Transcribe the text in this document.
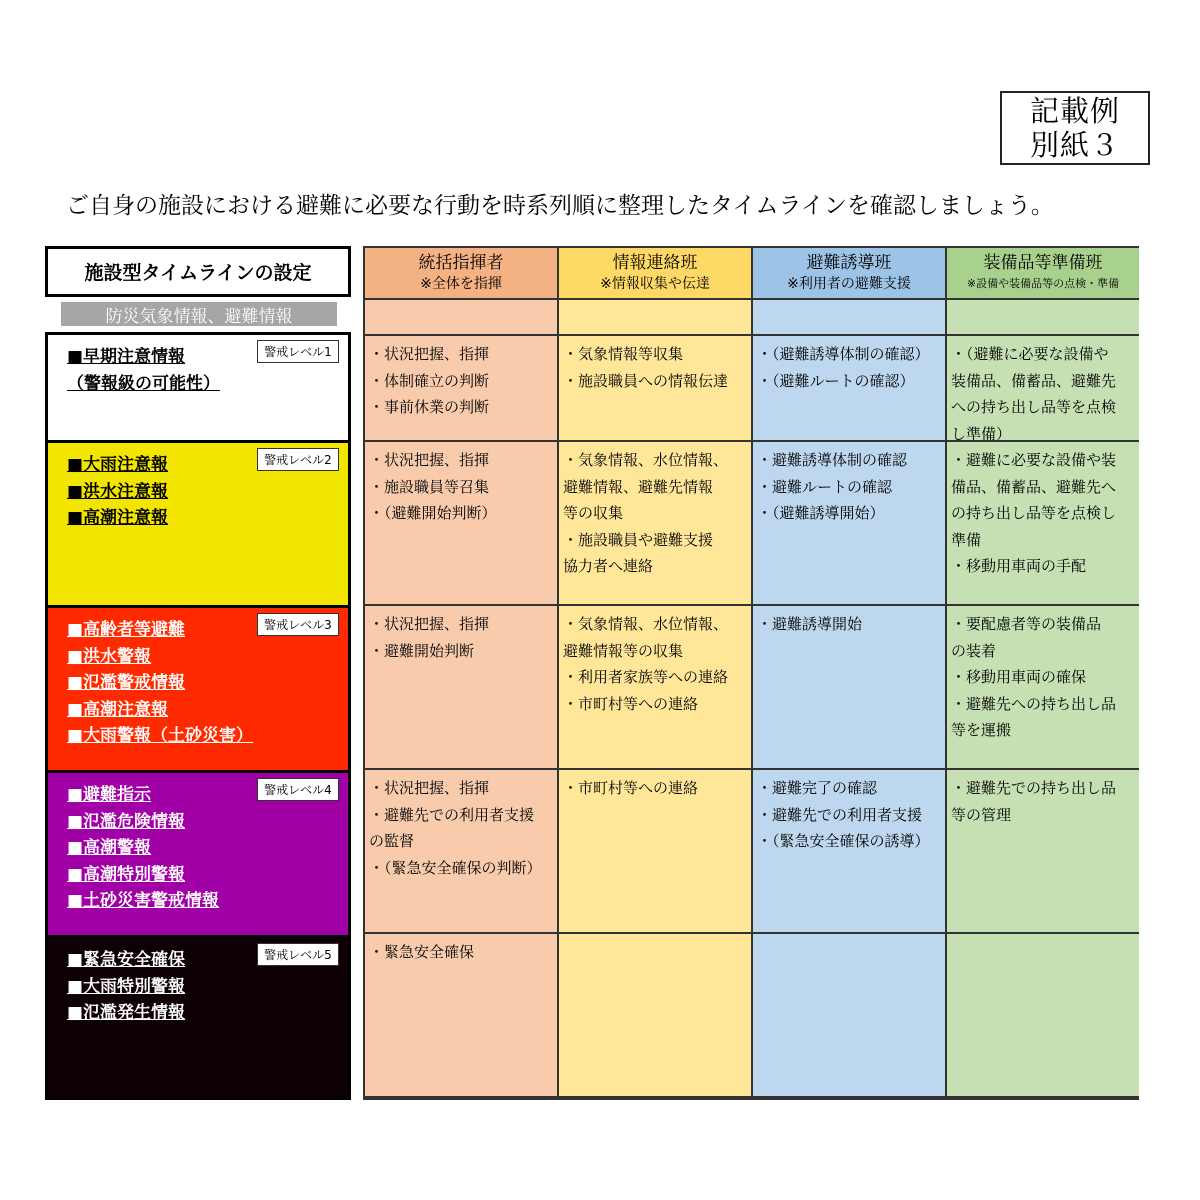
記載例
別紙３
ご自身の施設における避難に必要な行動を時系列順に整理したタイムラインを確認しましょう。
施設型タイムラインの設定
防災気象情報、避難情報
■早期注意情報
（警報級の可能性）
警戒レベル1
■大雨注意報
■洪水注意報
■高潮注意報
警戒レベル2
■高齢者等避難
■洪水警報
■氾濫警戒情報
■高潮注意報
■大雨警報（土砂災害）
警戒レベル3
■避難指示
■氾濫危険情報
■高潮警報
■高潮特別警報
■土砂災害警戒情報
警戒レベル4
■緊急安全確保
■大雨特別警報
■氾濫発生情報
警戒レベル5
統括指揮者
※全体を指揮
情報連絡班
※情報収集や伝達
避難誘導班
※利用者の避難支援
装備品等準備班
※設備や装備品等の点検・準備
・状況把握、指揮
・体制確立の判断
・事前休業の判断
・気象情報等収集
・施設職員への情報伝達
・（避難誘導体制の確認）
・（避難ルートの確認）
・（避難に必要な設備や
装備品、備蓄品、避難先
への持ち出し品等を点検
し準備）
・状況把握、指揮
・施設職員等召集
・（避難開始判断）
・気象情報、水位情報、
避難情報、避難先情報
等の収集
・施設職員や避難支援
協力者へ連絡
・避難誘導体制の確認
・避難ルートの確認
・（避難誘導開始）
・避難に必要な設備や装
備品、備蓄品、避難先へ
の持ち出し品等を点検し
準備
・移動用車両の手配
・状況把握、指揮
・避難開始判断
・気象情報、水位情報、
避難情報等の収集
・利用者家族等への連絡
・市町村等への連絡
・避難誘導開始	・要配慮者等の装備品
の装着
・移動用車両の確保
・避難先への持ち出し品
等を運搬
・状況把握、指揮
・避難先での利用者支援
の監督
・（緊急安全確保の判断）
・市町村等への連絡	・避難完了の確認
・避難先での利用者支援
・（緊急安全確保の誘導）
・避難先での持ち出し品
等の管理
・緊急安全確保
